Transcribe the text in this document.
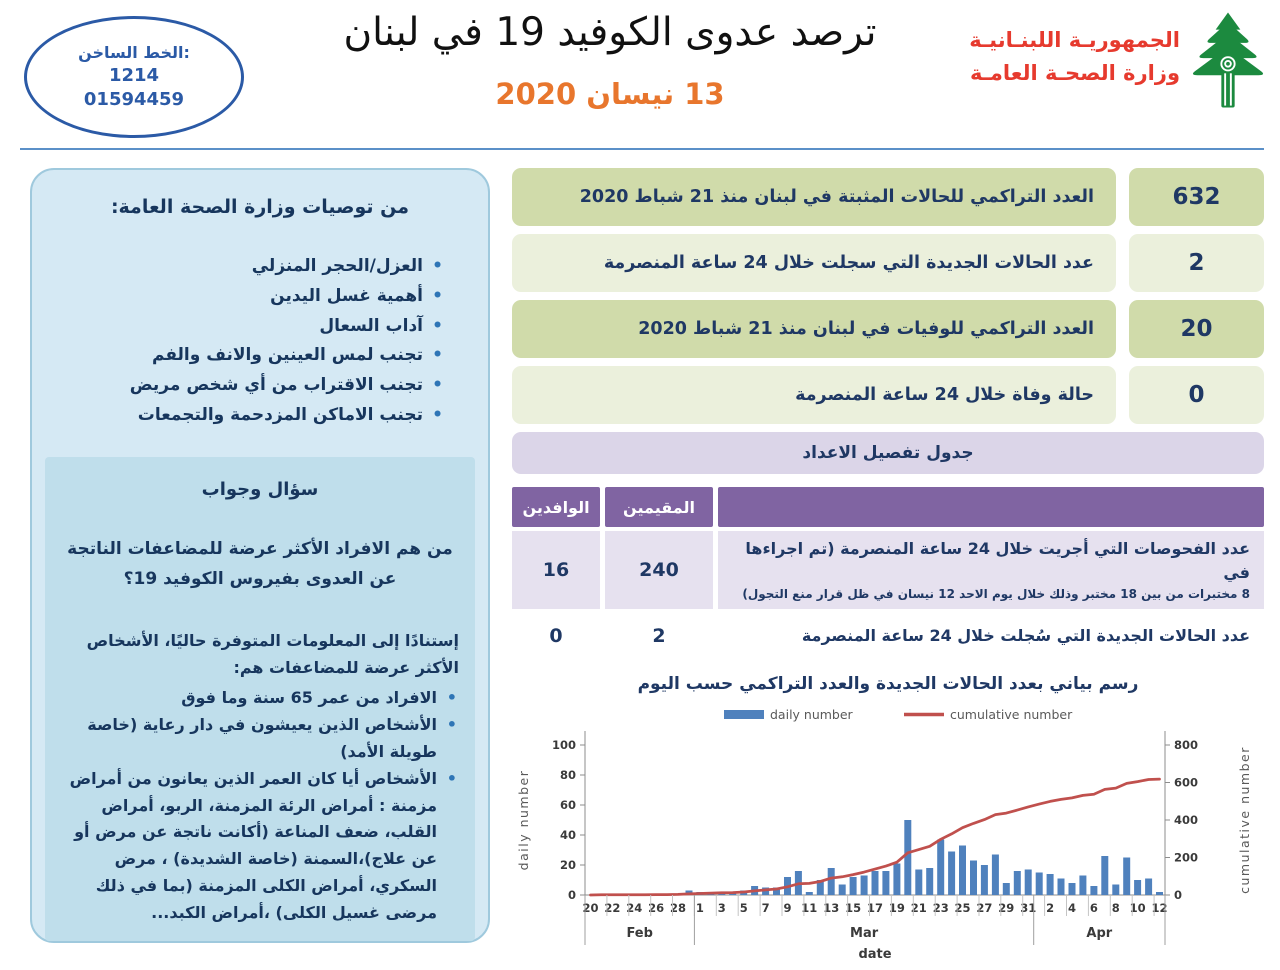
الخط الساخن:
1214
01594459
ترصد عدوى الكوفيد 19 في لبنان
13 نيسان 2020
الجمهوريـة اللبنـانيـة
وزارة الصحـة العامـة
من توصيات وزارة الصحة العامة:
• العزل/الحجر المنزلي
• أهمية غسل اليدين
• آداب السعال
• تجنب لمس العينين والانف والفم
• تجنب الاقتراب من أي شخص مريض
• تجنب الاماكن المزدحمة والتجمعات
سؤال وجواب
من هم الافراد الأكثر عرضة للمضاعفات الناتجة عن العدوى بفيروس الكوفيد 19؟
إستنادًا إلى المعلومات المتوفرة حاليًا، الأشخاص الأكثر عرضة للمضاعفات هم:
• الافراد من عمر 65 سنة وما فوق
• الأشخاص الذين يعيشون في دار رعاية (خاصة طويلة الأمد)
• الأشخاص أيا كان العمر الذين يعانون من أمراض مزمنة : أمراض الرئة المزمنة، الربو، أمراض القلب، ضعف المناعة (أكانت ناتجة عن مرض أو عن علاج)،السمنة (خاصة الشديدة) ، مرض السكري، أمراض الكلى المزمنة (بما في ذلك مرضى غسيل الكلى) ،أمراض الكبد...
632
العدد التراكمي للحالات المثبتة في لبنان منذ 21 شباط 2020
2
عدد الحالات الجديدة التي سجلت خلال 24 ساعة المنصرمة
20
العدد التراكمي للوفيات في لبنان منذ 21 شباط 2020
0
حالة وفاة خلال 24 ساعة المنصرمة
جدول تفصيل الاعداد
المقيمين
الوافدين
عدد الفحوصات التي أجريت خلال 24 ساعة المنصرمة (تم اجراءها في
8 مختبرات من بين 18 مختبر وذلك خلال يوم الاحد 12 نيسان في ظل قرار منع التجول)
240
16
عدد الحالات الجديدة التي سُجلت خلال 24 ساعة المنصرمة
2
0
رسم بياني بعدد الحالات الجديدة والعدد التراكمي حسب اليوم
0
20
40
60
80
100
0
200
400
600
800
20 22 24 26 28 1 3 5 7 9 11 13 15 17 19 21 23 25 27 29 31 2 4 6 8 10 12
Feb	Mar	Apr
date
daily number	cumulative number
daily number	cumulative number
